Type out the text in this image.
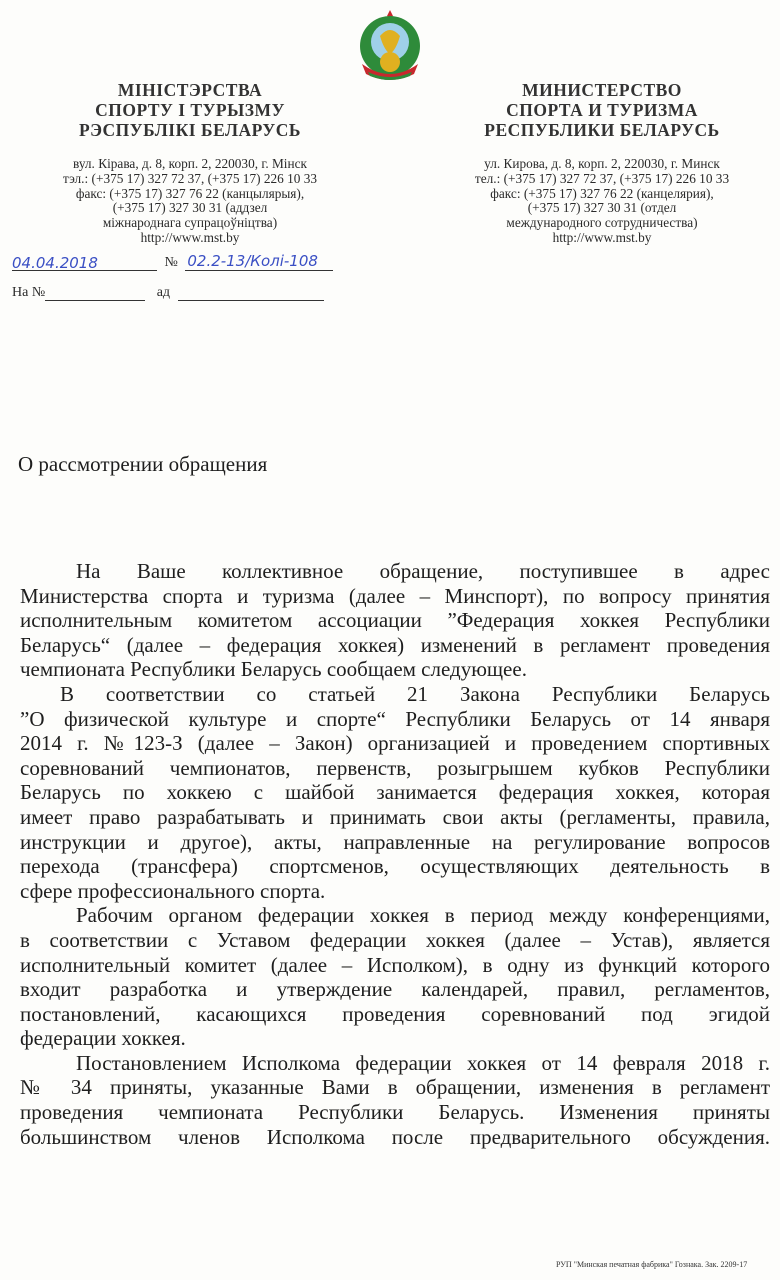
МІНІСТЭРСТВА
СПОРТУ І ТУРЫЗМУ
РЭСПУБЛІКІ БЕЛАРУСЬ
вул. Кірава, д. 8, корп. 2, 220030, г. Мінск
тэл.: (+375 17) 327 72 37, (+375 17) 226 10 33
факс: (+375 17) 327 76 22 (канцылярыя),
(+375 17) 327 30 31 (аддзел
міжнароднага супрацоўніцтва)
http://www.mst.by
МИНИСТЕРСТВО
СПОРТА И ТУРИЗМА
РЕСПУБЛИКИ БЕЛАРУСЬ
ул. Кирова, д. 8, корп. 2, 220030, г. Минск
тел.: (+375 17) 327 72 37, (+375 17) 226 10 33
факс: (+375 17) 327 76 22 (канцелярия),
(+375 17) 327 30 31 (отдел
международного сотрудничества)
http://www.mst.by
04.04.2018	№ 02.2-13/Колі-108
На №	ад
О рассмотрении обращения
На Ваше коллективное обращение, поступившее в адрес
Министерства спорта и туризма (далее – Минспорт), по вопросу принятия
исполнительным комитетом ассоциации ”Федерация хоккея Республики
Беларусь“ (далее – федерация хоккея) изменений в регламент проведения
чемпионата Республики Беларусь сообщаем следующее.
В соответствии со статьей 21 Закона Республики Беларусь
”О физической культуре и спорте“ Республики Беларусь от 14 января
2014 г. №123-З (далее – Закон) организацией и проведением спортивных
соревнований чемпионатов, первенств, розыгрышем кубков Республики
Беларусь по хоккею с шайбой занимается федерация хоккея, которая
имеет право разрабатывать и принимать свои акты (регламенты, правила,
инструкции и другое), акты, направленные на регулирование вопросов
перехода (трансфера) спортсменов, осуществляющих деятельность в
сфере профессионального спорта.
Рабочим органом федерации хоккея в период между конференциями,
в соответствии с Уставом федерации хоккея (далее – Устав), является
исполнительный комитет (далее – Исполком), в одну из функций которого
входит разработка и утверждение календарей, правил, регламентов,
постановлений, касающихся проведения соревнований под эгидой
федерации хоккея.
Постановлением Исполкома федерации хоккея от 14 февраля 2018 г.
№ 34 приняты, указанные Вами в обращении, изменения в регламент
проведения чемпионата Республики Беларусь. Изменения приняты
большинством членов Исполкома после предварительного обсуждения.
РУП "Минская печатная фабрика" Гознака. Зак. 2209-17
